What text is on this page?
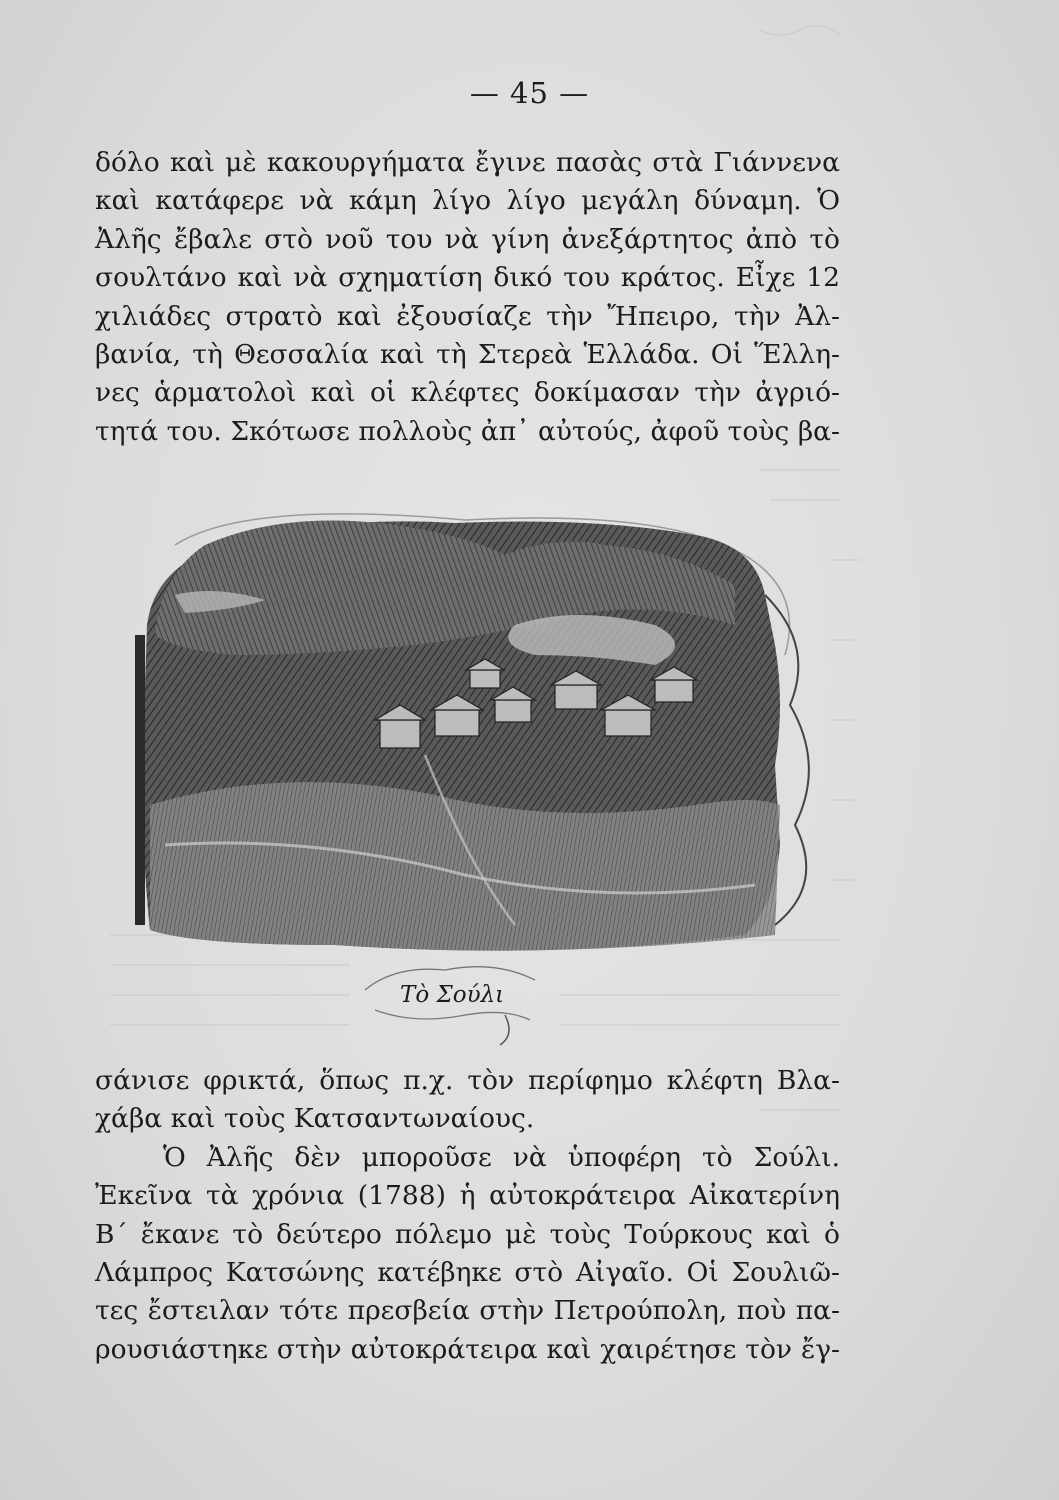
— 45 —
δόλο καὶ μὲ κακουργήματα ἔγινε πασὰς στὰ Γιάννενα
καὶ κατάφερε νὰ κάμη λίγο λίγο μεγάλη δύναμη. Ὁ
Ἀλῆς ἔβαλε στὸ νοῦ του νὰ γίνη ἀνεξάρτητος ἀπὸ τὸ
σουλτάνο καὶ νὰ σχηματίση δικό του κράτος. Εἶχε 12
χιλιάδες στρατὸ καὶ ἐξουσίαζε τὴν Ἤπειρο, τὴν Ἀλ-
βανία, τὴ Θεσσαλία καὶ τὴ Στερεὰ Ἑλλάδα. Οἱ Ἕλλη-
νες ἁρματολοὶ καὶ οἱ κλέφτες δοκίμασαν τὴν ἀγριό-
τητά του. Σκότωσε πολλοὺς ἀπ᾽ αὐτούς, ἀφοῦ τοὺς βα-
Τὸ Σούλι
σάνισε φρικτά, ὅπως π.χ. τὸν περίφημο κλέφτη Βλα-
χάβα καὶ τοὺς Κατσαντωναίους.
Ὁ Ἀλῆς δὲν μποροῦσε νὰ ὑποφέρη τὸ Σούλι.
Ἐκεῖνα τὰ χρόνια (1788) ἡ αὐτοκράτειρα Αἰκατερίνη
Β΄ ἔκανε τὸ δεύτερο πόλεμο μὲ τοὺς Τούρκους καὶ ὁ
Λάμπρος Κατσώνης κατέβηκε στὸ Αἰγαῖο. Οἱ Σουλιῶ-
τες ἔστειλαν τότε πρεσβεία στὴν Πετρούπολη, ποὺ πα-
ρουσιάστηκε στὴν αὐτοκράτειρα καὶ χαιρέτησε τὸν ἔγ-
